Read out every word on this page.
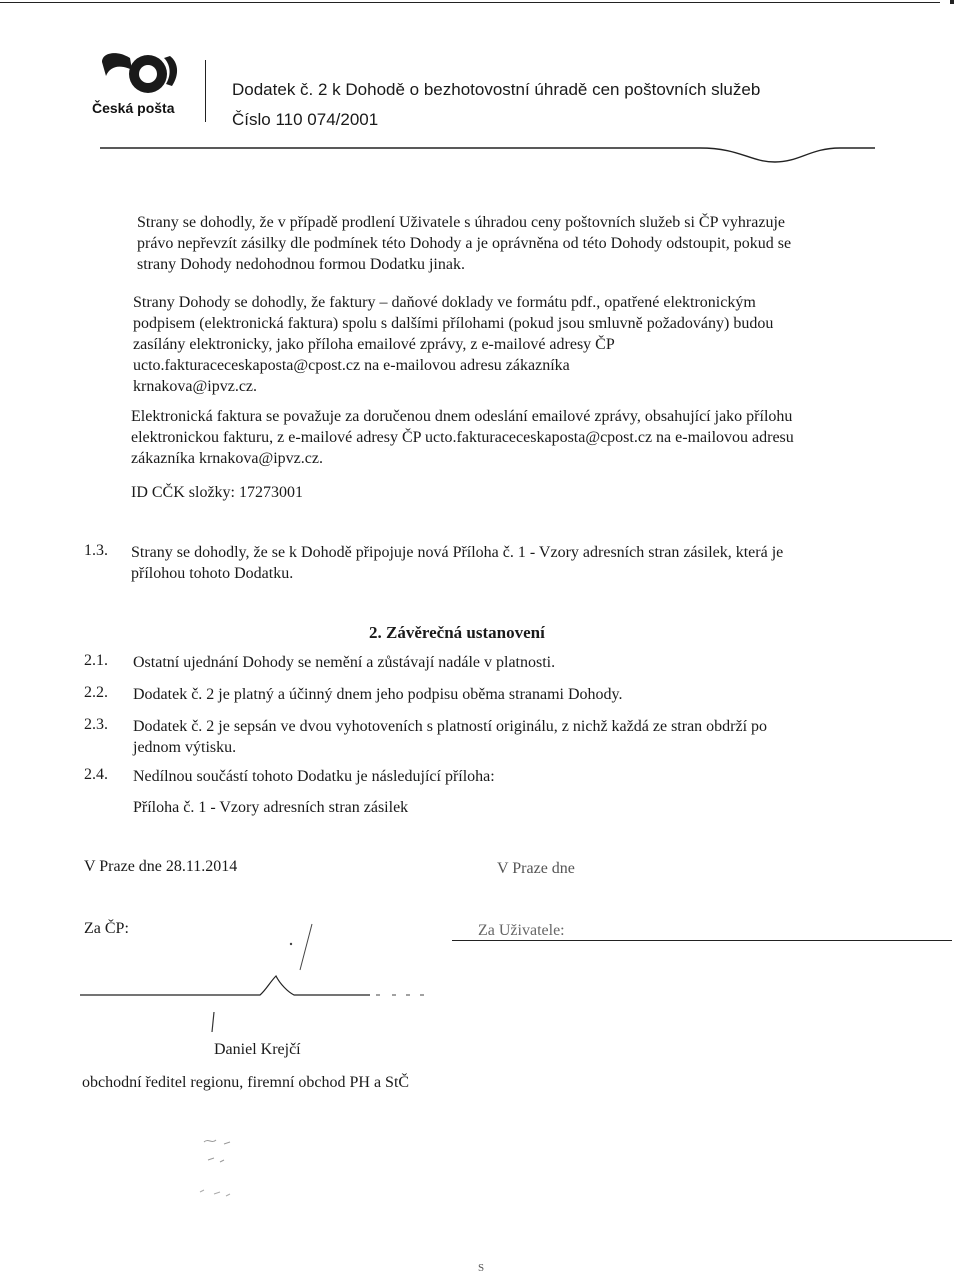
Česká pošta
Dodatek č. 2 k Dohodě o bezhotovostní úhradě cen poštovních služeb
Číslo 110 074/2001
Strany se dohodly, že v případě prodlení Uživatele s úhradou ceny poštovních služeb si ČP vyhrazuje
právo nepřevzít zásilky dle podmínek této Dohody a je oprávněna od této Dohody odstoupit, pokud se
strany Dohody nedohodnou formou Dodatku jinak.
Strany Dohody se dohodly, že faktury – daňové doklady ve formátu pdf., opatřené elektronickým
podpisem (elektronická faktura) spolu s dalšími přílohami (pokud jsou smluvně požadovány) budou
zasílány elektronicky, jako příloha emailové zprávy, z e-mailové adresy ČP
ucto.fakturaceceskaposta@cpost.cz na e-mailovou adresu zákazníka
krnakova@ipvz.cz.
Elektronická faktura se považuje za doručenou dnem odeslání emailové zprávy, obsahující jako přílohu
elektronickou fakturu, z e-mailové adresy ČP ucto.fakturaceceskaposta@cpost.cz na e-mailovou adresu
zákazníka krnakova@ipvz.cz.
ID CČK složky: 17273001
1.3. Strany se dohodly, že se k Dohodě připojuje nová Příloha č. 1 - Vzory adresních stran zásilek, která je
přílohou tohoto Dodatku.
2. Závěrečná ustanovení
2.1. Ostatní ujednání Dohody se nemění a zůstávají nadále v platnosti.
2.2. Dodatek č. 2 je platný a účinný dnem jeho podpisu oběma stranami Dohody.
2.3. Dodatek č. 2 je sepsán ve dvou vyhotoveních s platností originálu, z nichž každá ze stran obdrží po
jednom výtisku.
2.4. Nedílnou součástí tohoto Dodatku je následující příloha:
Příloha č. 1 - Vzory adresních stran zásilek
V Praze dne 28.11.2014	V Praze dne
Za ČP:	Za Uživatele:
Daniel Krejčí
obchodní ředitel regionu, firemní obchod PH a StČ
S
